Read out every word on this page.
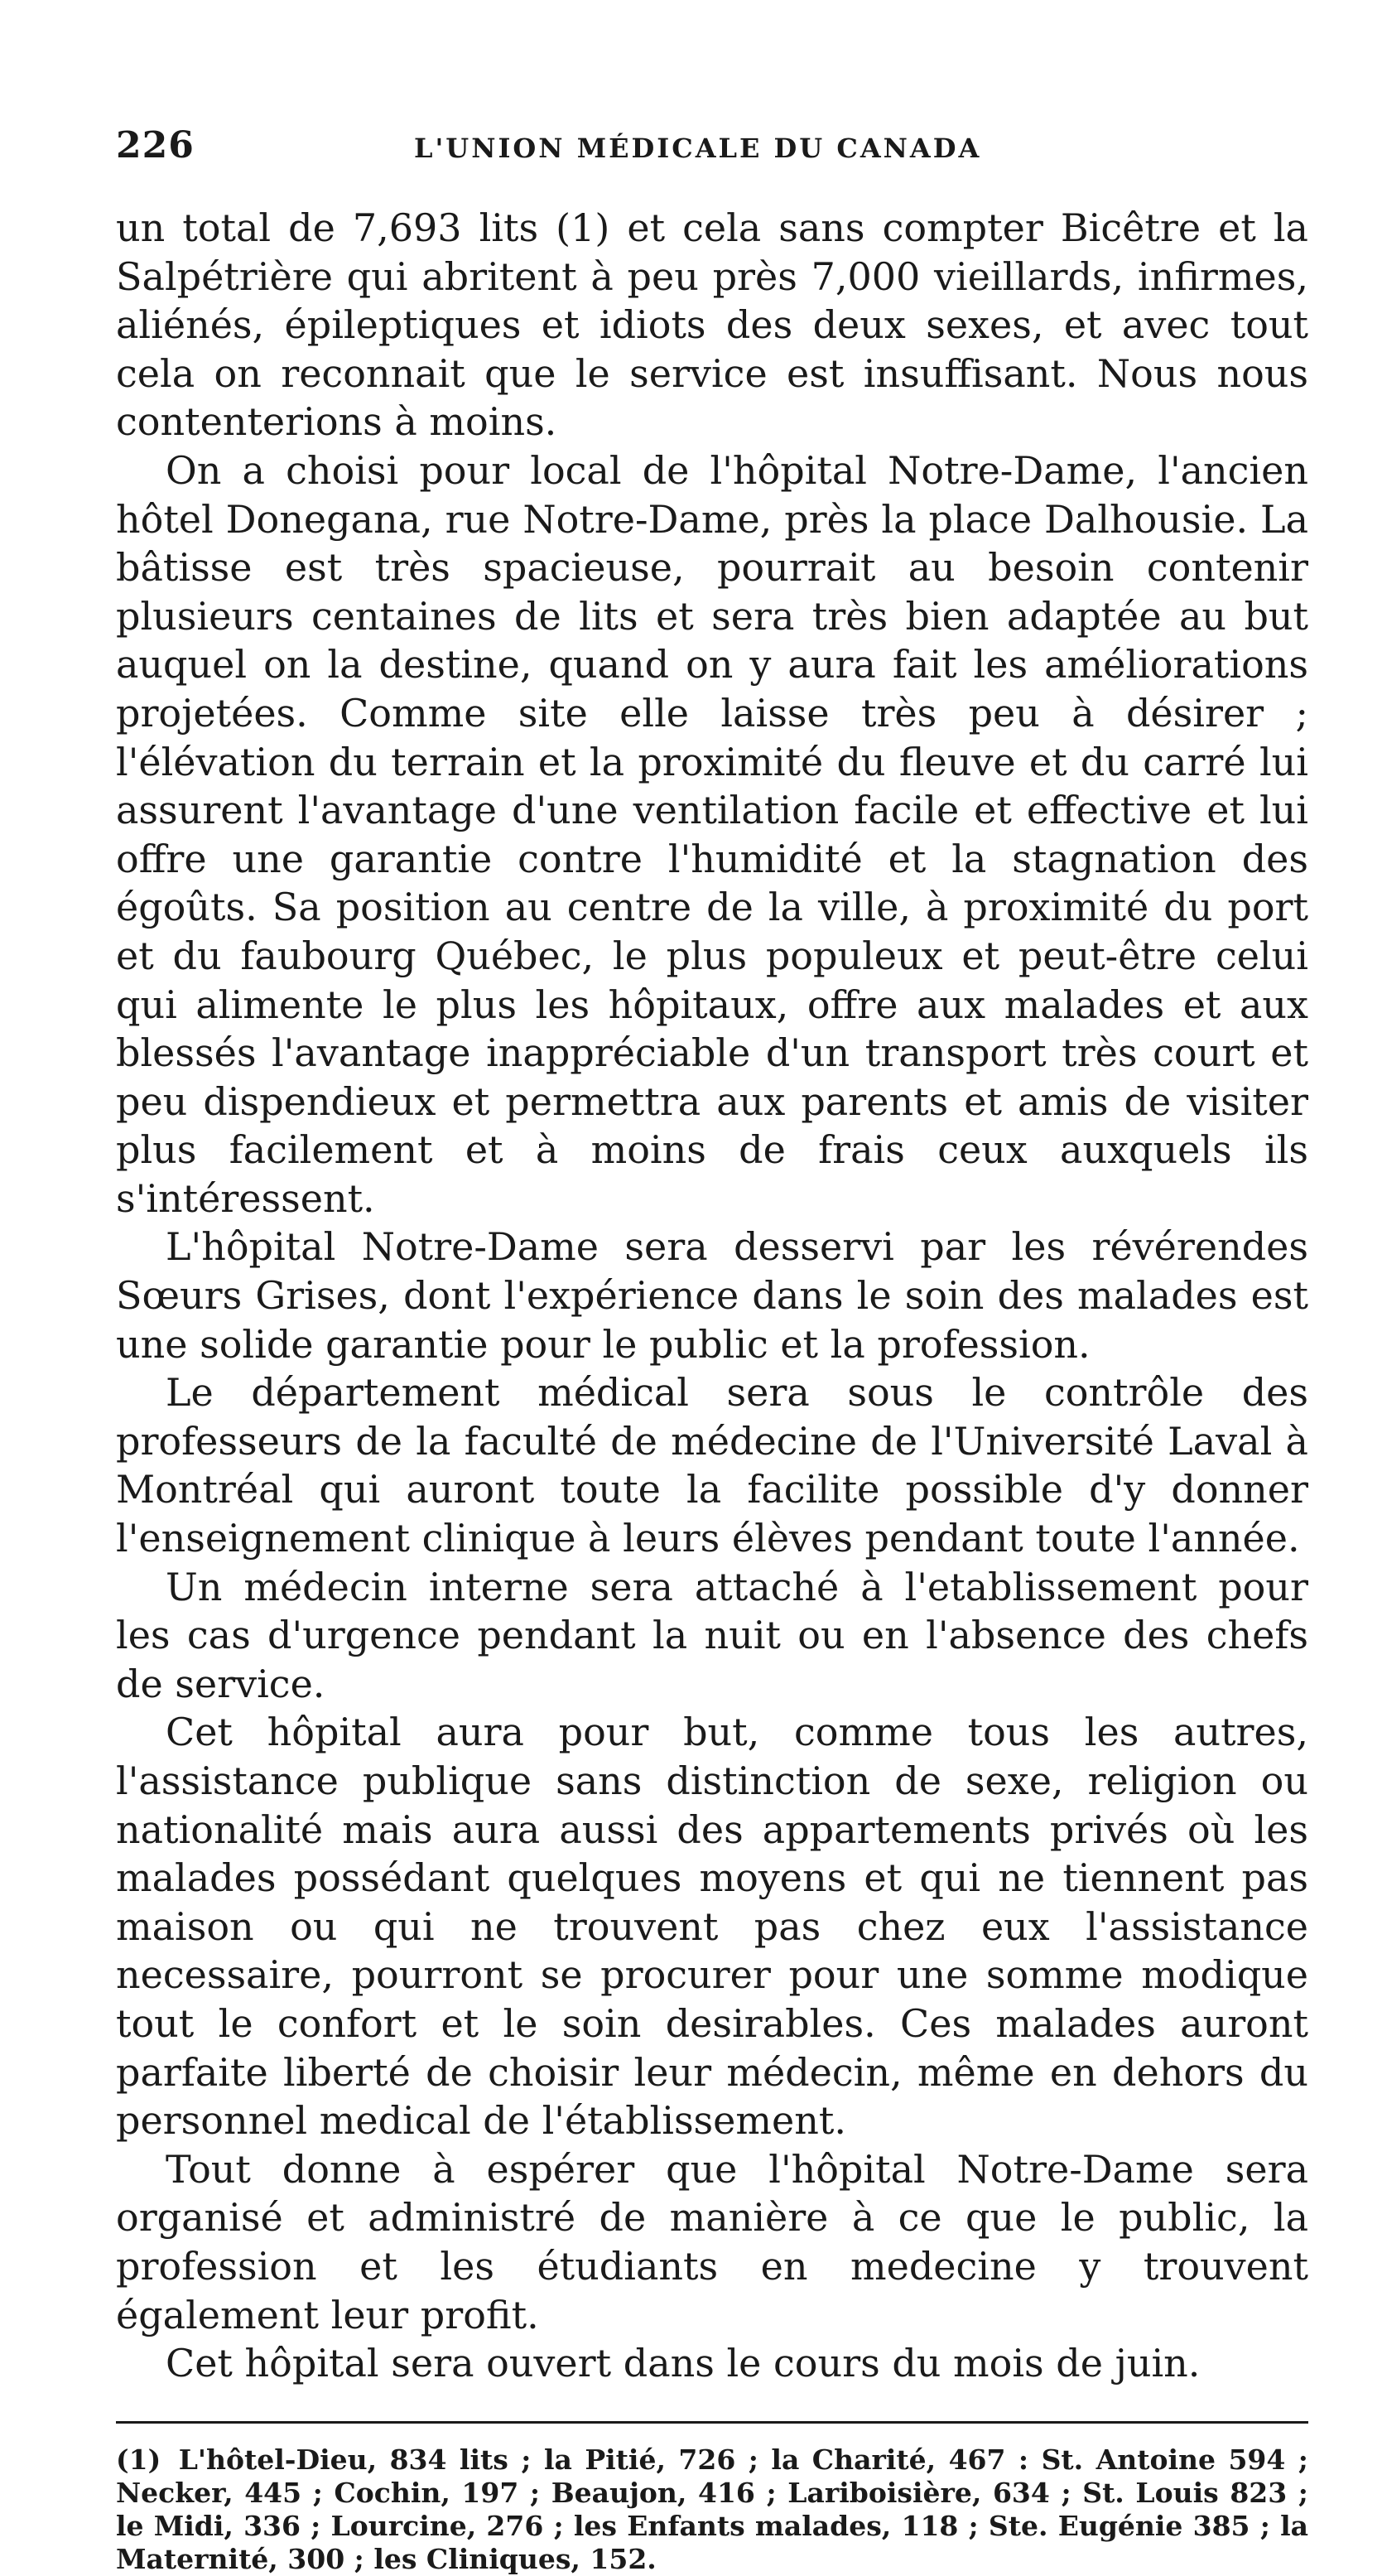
226	L'UNION MÉDICALE DU CANADA

un total de 7,693 lits (1) et cela sans compter Bicêtre et la Salpétrière qui abritent à peu près 7,000 vieillards, infirmes, aliénés, épileptiques et idiots des deux sexes, et avec tout cela on reconnait que le service est insuffisant. Nous nous contenterions à moins.

On a choisi pour local de l'hôpital Notre-Dame, l'ancien hôtel Donegana, rue Notre-Dame, près la place Dalhousie. La bâtisse est très spacieuse, pourrait au besoin contenir plusieurs centaines de lits et sera très bien adaptée au but auquel on la destine, quand on y aura fait les améliorations projetées. Comme site elle laisse très peu à désirer ; l'élévation du terrain et la proximité du fleuve et du carré lui assurent l'avantage d'une ventilation facile et effective et lui offre une garantie contre l'humidité et la stagnation des égoûts. Sa position au centre de la ville, à proximité du port et du faubourg Québec, le plus populeux et peut-être celui qui alimente le plus les hôpitaux, offre aux malades et aux blessés l'avantage inappréciable d'un transport très court et peu dispendieux et permettra aux parents et amis de visiter plus facilement et à moins de frais ceux auxquels ils s'intéressent.

L'hôpital Notre-Dame sera desservi par les révérendes Sœurs Grises, dont l'expérience dans le soin des malades est une solide garantie pour le public et la profession.

Le département médical sera sous le contrôle des professeurs de la faculté de médecine de l'Université Laval à Montréal qui auront toute la facilite possible d'y donner l'enseignement clinique à leurs élèves pendant toute l'année.

Un médecin interne sera attaché à l'etablissement pour les cas d'urgence pendant la nuit ou en l'absence des chefs de service.

Cet hôpital aura pour but, comme tous les autres, l'assistance publique sans distinction de sexe, religion ou nationalité mais aura aussi des appartements privés où les malades possédant quelques moyens et qui ne tiennent pas maison ou qui ne trouvent pas chez eux l'assistance necessaire, pourront se procurer pour une somme modique tout le confort et le soin desirables. Ces malades auront parfaite liberté de choisir leur médecin, même en dehors du personnel medical de l'établissement.

Tout donne à espérer que l'hôpital Notre-Dame sera organisé et administré de manière à ce que le public, la profession et les étudiants en medecine y trouvent également leur profit.

Cet hôpital sera ouvert dans le cours du mois de juin.

(1) L'hôtel-Dieu, 834 lits ; la Pitié, 726 ; la Charité, 467 : St. Antoine 594 ; Necker, 445 ; Cochin, 197 ; Beaujon, 416 ; Lariboisière, 634 ; St. Louis 823 ; le Midi, 336 ; Lourcine, 276 ; les Enfants malades, 118 ; Ste. Eugénie 385 ; la Maternité, 300 ; les Cliniques, 152.
